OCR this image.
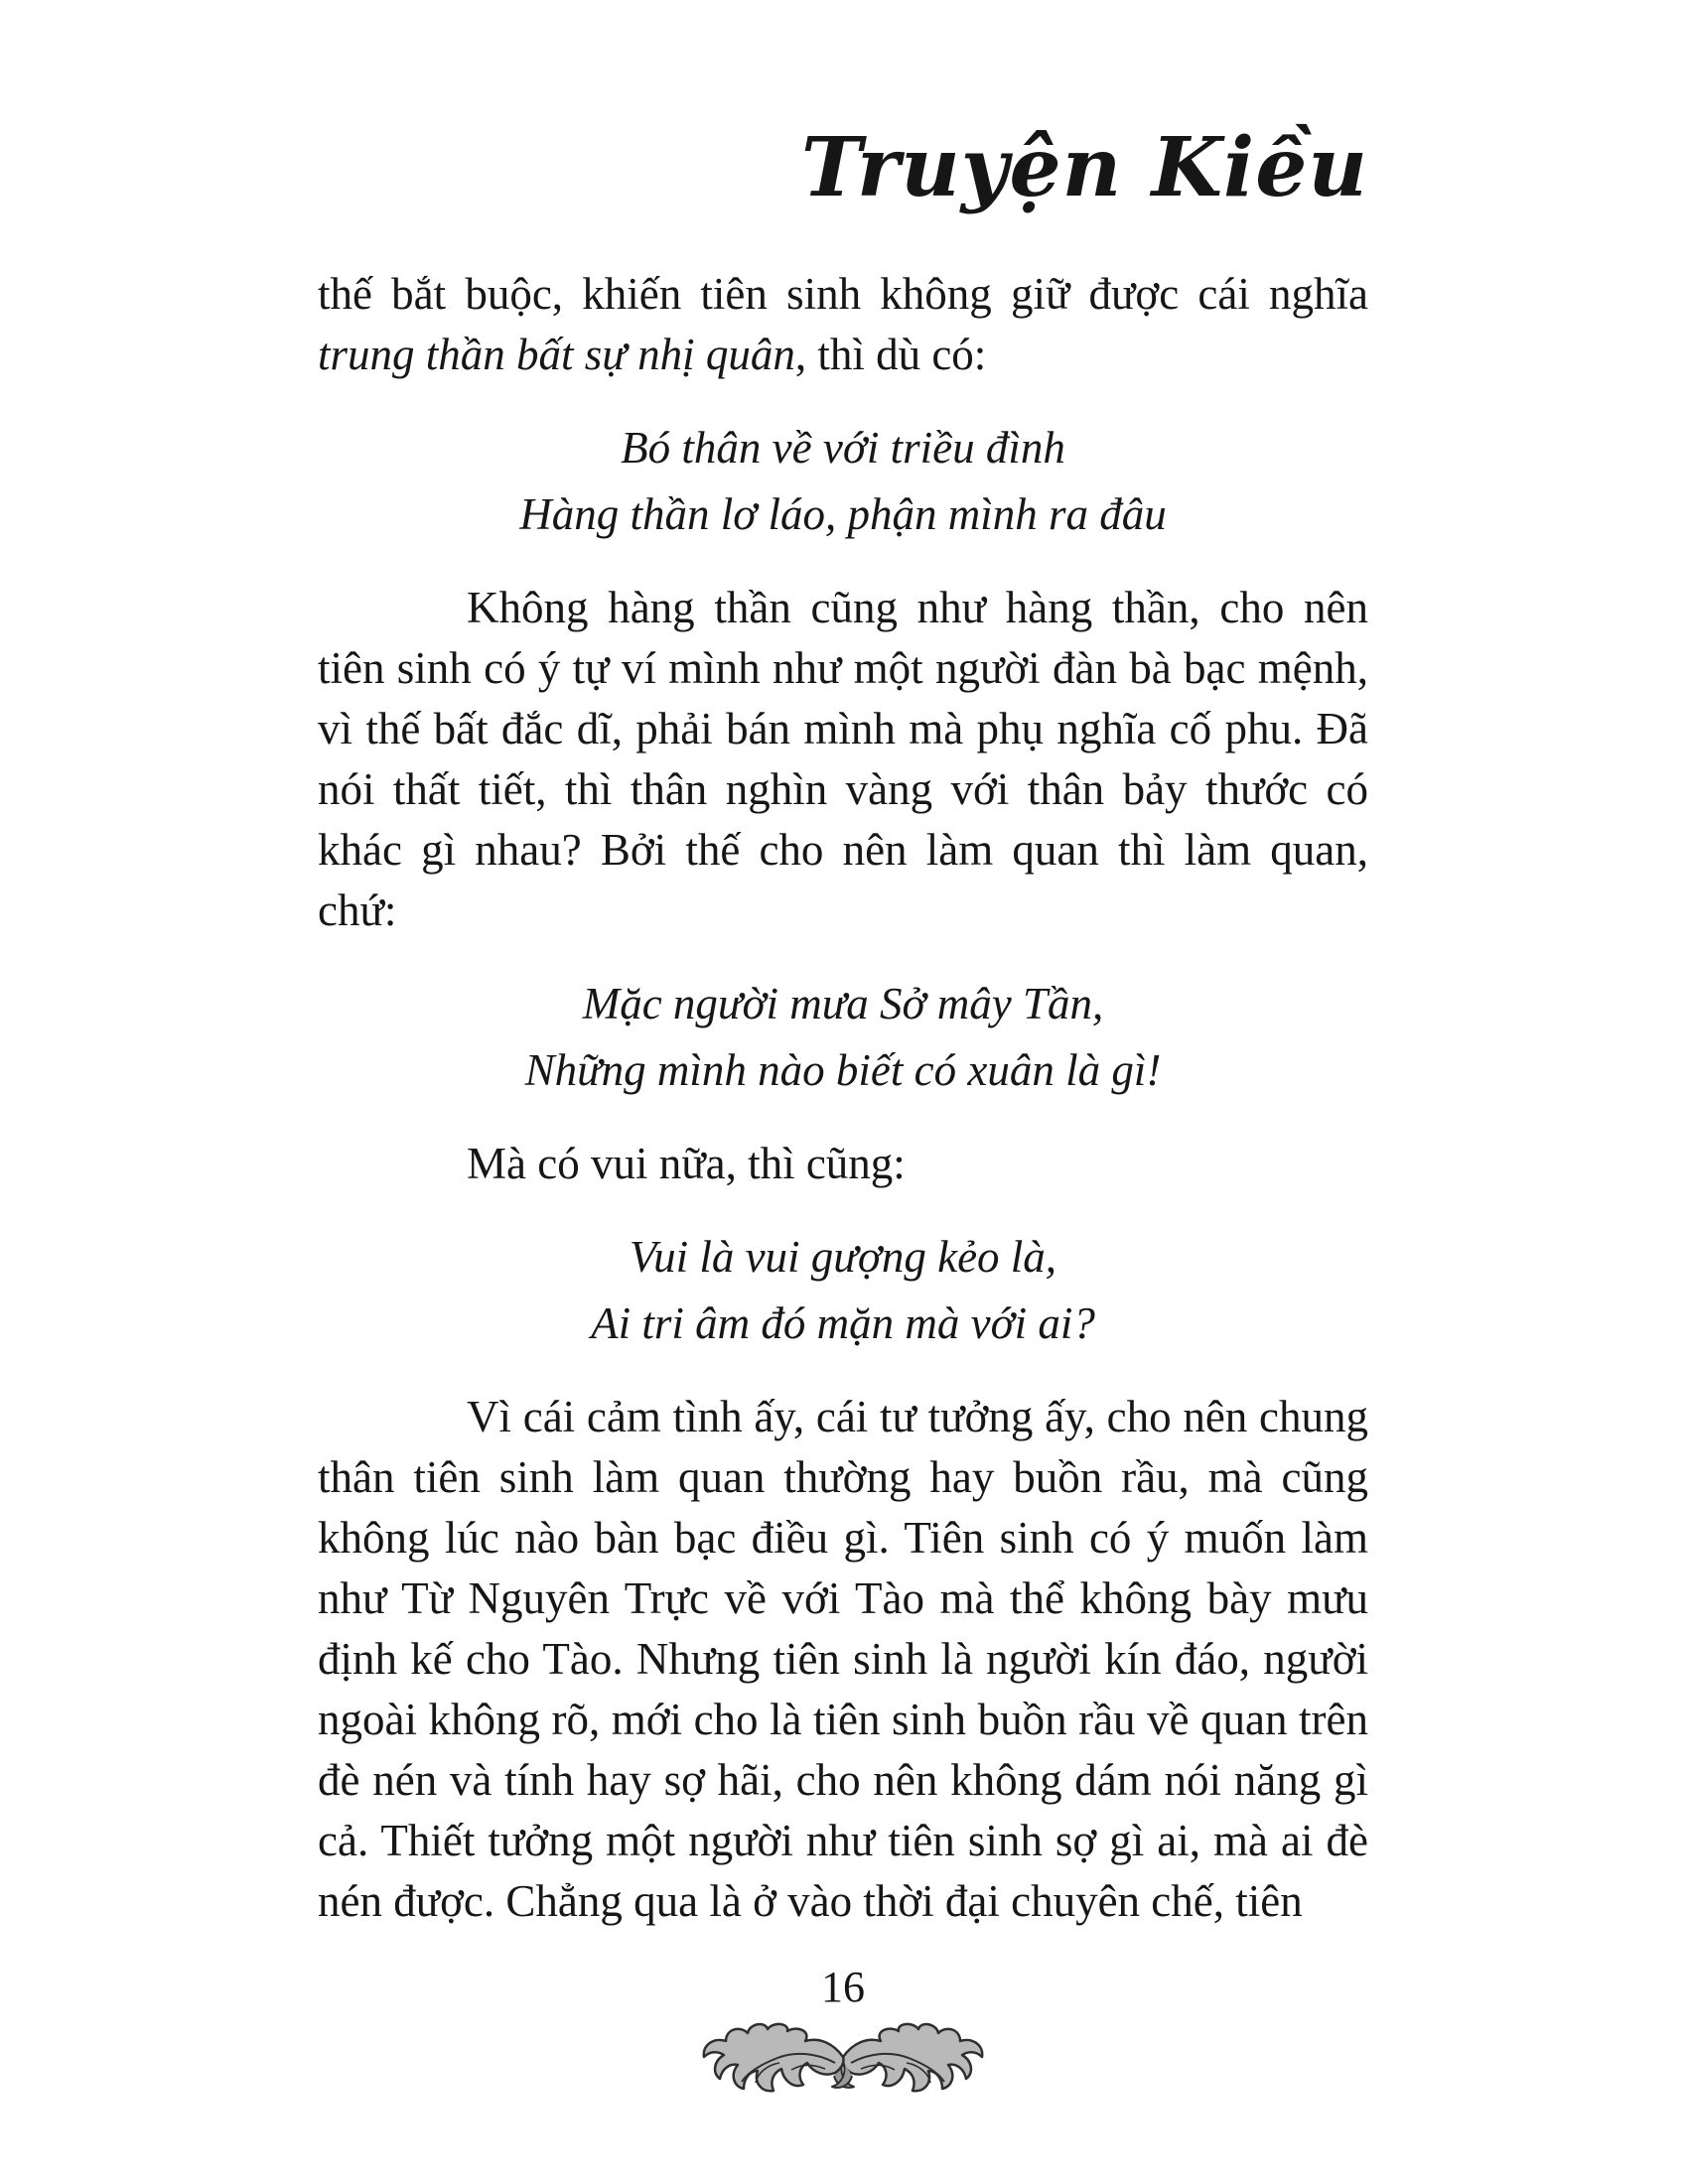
Truyện Kiều

thế bắt buộc, khiến tiên sinh không giữ được cái nghĩa trung thần bất sự nhị quân, thì dù có:

Bó thân về với triều đình
Hàng thần lơ láo, phận mình ra đâu

Không hàng thần cũng như hàng thần, cho nên tiên sinh có ý tự ví mình như một người đàn bà bạc mệnh, vì thế bất đắc dĩ, phải bán mình mà phụ nghĩa cố phu. Đã nói thất tiết, thì thân nghìn vàng với thân bảy thước có khác gì nhau? Bởi thế cho nên làm quan thì làm quan, chứ:

Mặc người mưa Sở mây Tần,
Những mình nào biết có xuân là gì!

Mà có vui nữa, thì cũng:

Vui là vui gượng kẻo là,
Ai tri âm đó mặn mà với ai?

Vì cái cảm tình ấy, cái tư tưởng ấy, cho nên chung thân tiên sinh làm quan thường hay buồn rầu, mà cũng không lúc nào bàn bạc điều gì. Tiên sinh có ý muốn làm như Từ Nguyên Trực về với Tào mà thể không bày mưu định kế cho Tào. Nhưng tiên sinh là người kín đáo, người ngoài không rõ, mới cho là tiên sinh buồn rầu về quan trên đè nén và tính hay sợ hãi, cho nên không dám nói năng gì cả. Thiết tưởng một người như tiên sinh sợ gì ai, mà ai đè nén được. Chẳng qua là ở vào thời đại chuyên chế, tiên

16
